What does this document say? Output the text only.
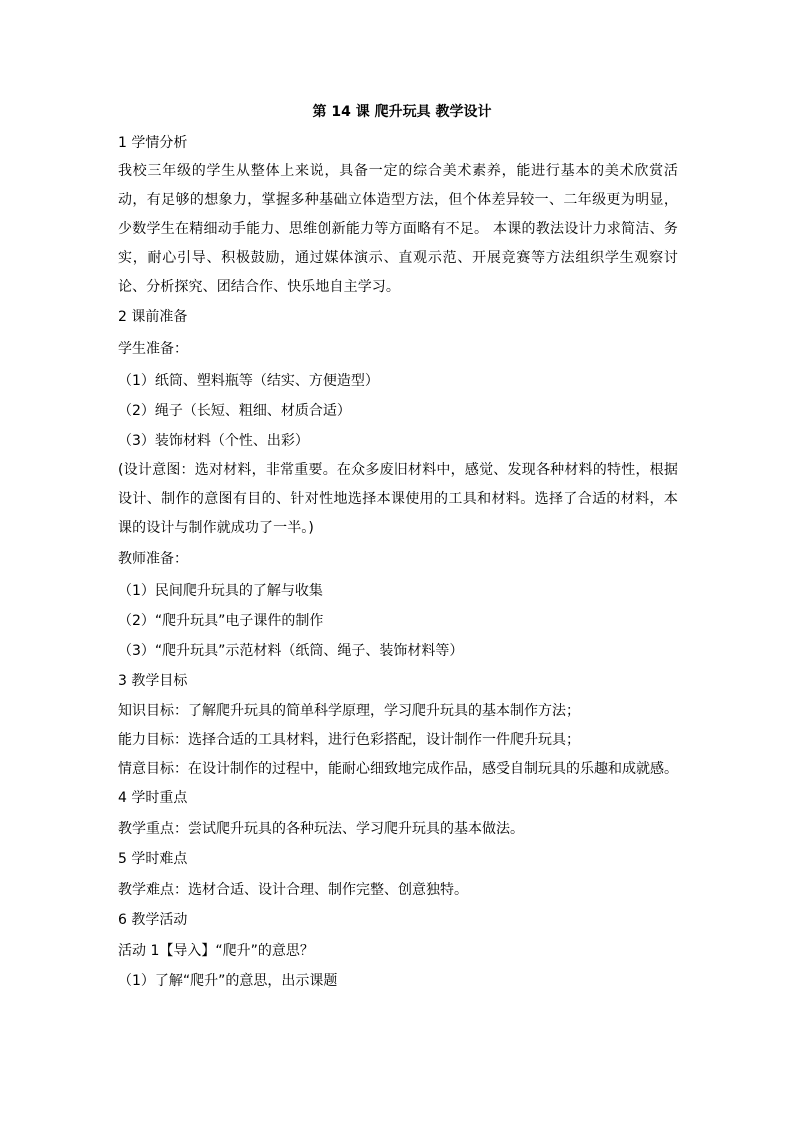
第 14 课 爬升玩具 教学设计

1 学情分析

我校三年级的学生从整体上来说，具备一定的综合美术素养，能进行基本的美术欣赏活动，有足够的想象力，掌握多种基础立体造型方法，但个体差异较一、二年级更为明显，少数学生在精细动手能力、思维创新能力等方面略有不足。 本课的教法设计力求简洁、务实，耐心引导、积极鼓励，通过媒体演示、直观示范、开展竞赛等方法组织学生观察讨论、分析探究、团结合作、快乐地自主学习。

2 课前准备

学生准备：

（1）纸筒、塑料瓶等（结实、方便造型）

（2）绳子（长短、粗细、材质合适）

（3）装饰材料（个性、出彩）

(设计意图：选对材料，非常重要。在众多废旧材料中，感觉、发现各种材料的特性，根据设计、制作的意图有目的、针对性地选择本课使用的工具和材料。选择了合适的材料，本课的设计与制作就成功了一半。)

教师准备：

（1）民间爬升玩具的了解与收集

（2）“爬升玩具”电子课件的制作

（3）“爬升玩具”示范材料（纸筒、绳子、装饰材料等）

3 教学目标

知识目标：了解爬升玩具的简单科学原理，学习爬升玩具的基本制作方法；

能力目标：选择合适的工具材料，进行色彩搭配，设计制作一件爬升玩具；

情意目标：在设计制作的过程中，能耐心细致地完成作品，感受自制玩具的乐趣和成就感。

4 学时重点

教学重点：尝试爬升玩具的各种玩法、学习爬升玩具的基本做法。

5 学时难点

教学难点：选材合适、设计合理、制作完整、创意独特。

6 教学活动

活动 1【导入】“爬升”的意思？

（1）了解“爬升”的意思，出示课题
